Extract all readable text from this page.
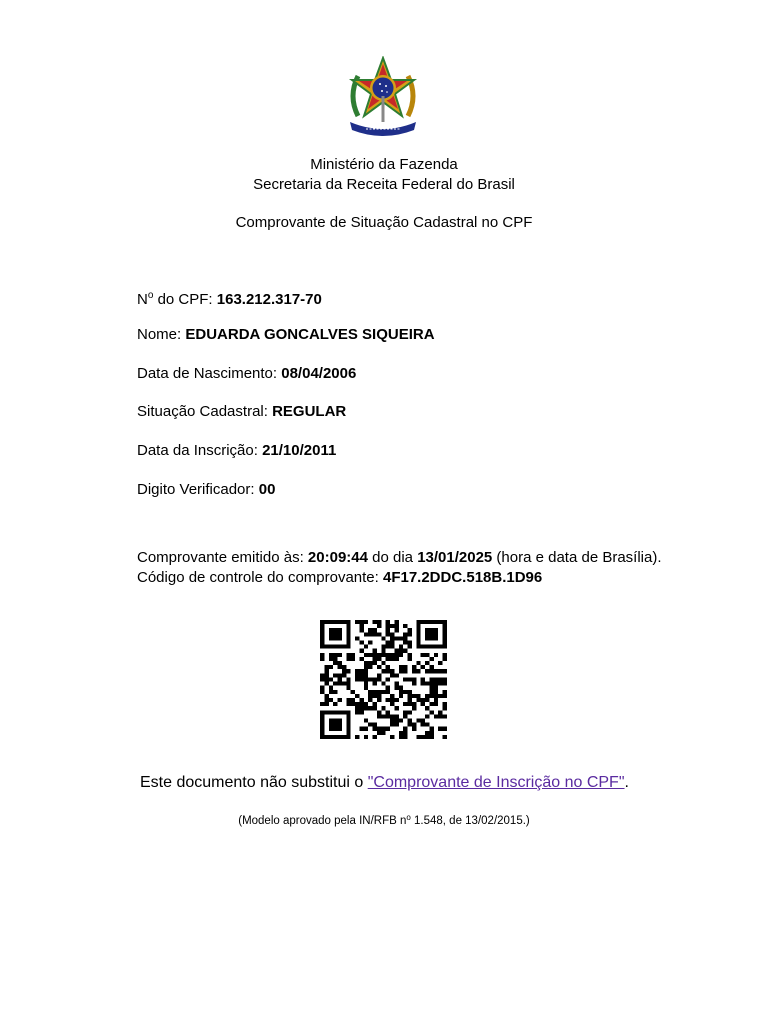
Ministério da Fazenda
Secretaria da Receita Federal do Brasil
Comprovante de Situação Cadastral no CPF
$N^o$ do CPF: 163.212.317-70
Nome: EDUARDA GONCALVES SIQUEIRA
Data de Nascimento: 08/04/2006
Situação Cadastral: REGULAR
Data da Inscrição: 21/10/2011
Digito Verificador: 00
Comprovante emitido às: 20:09:44 do dia 13/01/2025 (hora e data de Brasília).
Código de controle do comprovante: 4F17.2DDC.518B.1D96
Este documento não substitui o "Comprovante de Inscrição no CPF".
(Modelo aprovado pela IN/RFB $n^o$ 1.548, de 13/02/2015.)
